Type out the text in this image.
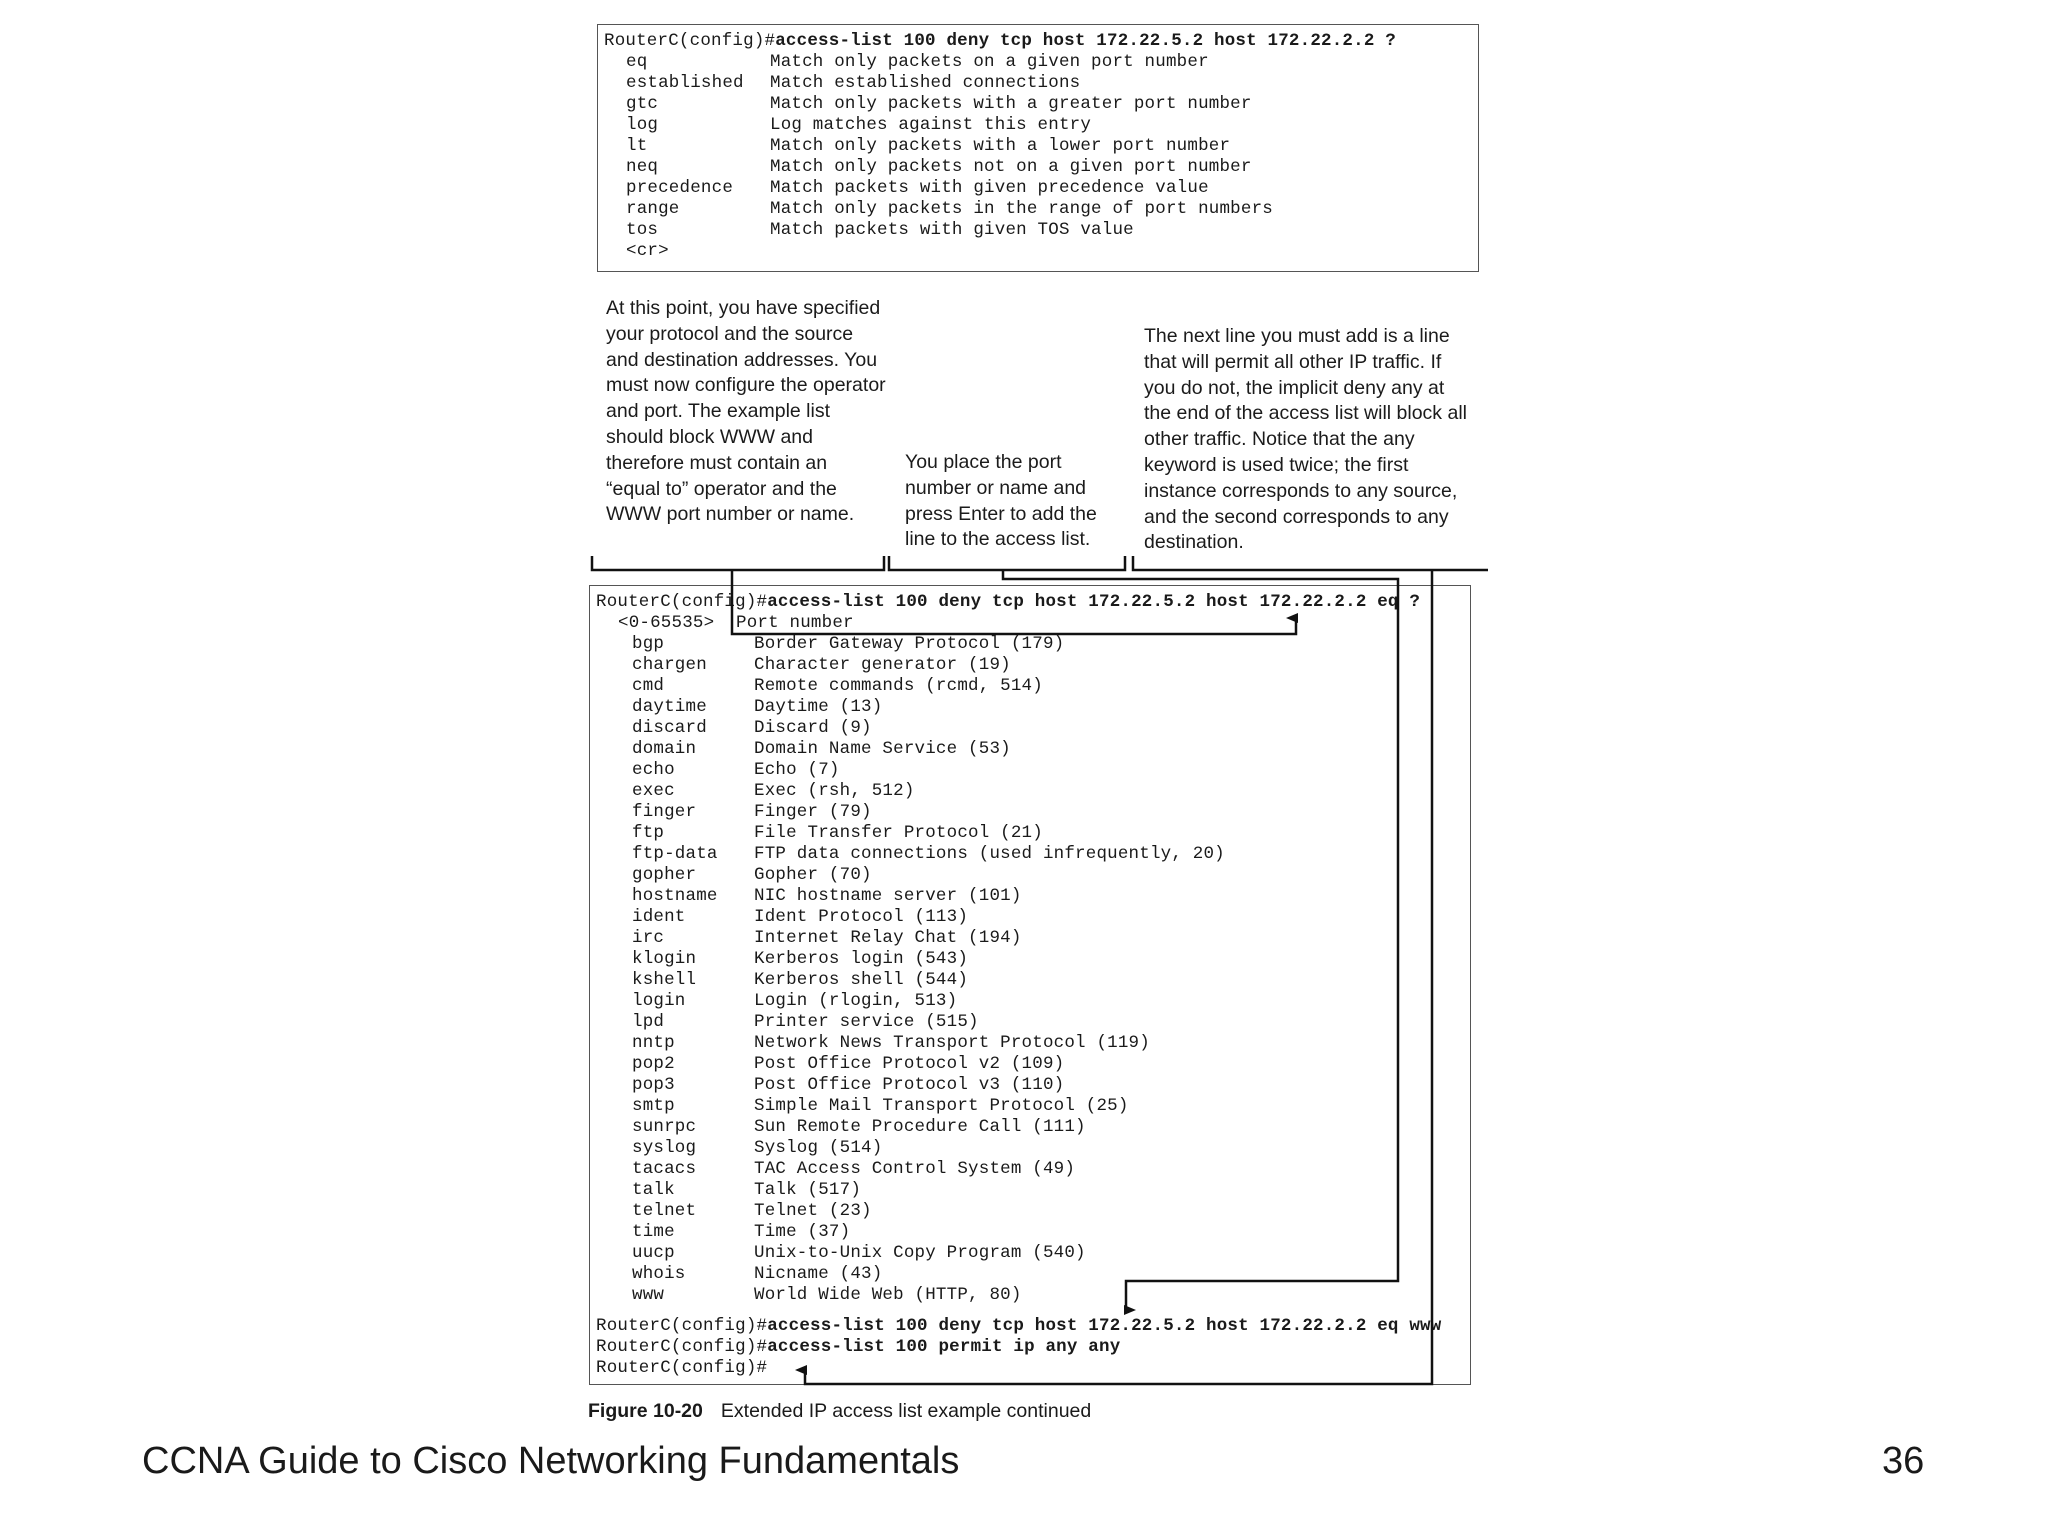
RouterC(config)#access-list 100 deny tcp host 172.22.5.2 host 172.22.2.2 ?
eq	Match only packets on a given port number
established Match established connections
gtc	Match only packets with a greater port number
log	Log matches against this entry
lt	Match only packets with a lower port number
neq	Match only packets not on a given port number
precedence Match packets with given precedence value
range	Match only packets in the range of port numbers
tos	Match packets with given TOS value
<cr>
At this point, you have specified your protocol and the source and destination addresses. You must now configure the operator and port. The example list should block WWW and therefore must contain an “equal to” operator and the WWW port number or name.
You place the port number or name and press Enter to add the line to the access list.
The next line you must add is a line that will permit all other IP traffic. If you do not, the implicit deny any at the end of the access list will block all other traffic. Notice that the any keyword is used twice; the first instance corresponds to any source, and the second corresponds to any destination.
RouterC(config)#access-list 100 deny tcp host 172.22.5.2 host 172.22.2.2 eq ?
<0-65535> Port number
bgp	Border Gateway Protocol (179)
chargen	Character generator (19)
cmd	Remote commands (rcmd, 514)
daytime	Daytime (13)
discard	Discard (9)
domain	Domain Name Service (53)
echo	Echo (7)
exec	Exec (rsh, 512)
finger	Finger (79)
ftp	File Transfer Protocol (21)
ftp-data FTP data connections (used infrequently, 20)
gopher	Gopher (70)
hostname NIC hostname server (101)
ident	Ident Protocol (113)
irc	Internet Relay Chat (194)
klogin	Kerberos login (543)
kshell	Kerberos shell (544)
login	Login (rlogin, 513)
lpd	Printer service (515)
nntp	Network News Transport Protocol (119)
pop2	Post Office Protocol v2 (109)
pop3	Post Office Protocol v3 (110)
smtp	Simple Mail Transport Protocol (25)
sunrpc	Sun Remote Procedure Call (111)
syslog	Syslog (514)
tacacs	TAC Access Control System (49)
talk	Talk (517)
telnet	Telnet (23)
time	Time (37)
uucp	Unix-to-Unix Copy Program (540)
whois	Nicname (43)
www	World Wide Web (HTTP, 80)
RouterC(config)#access-list 100 deny tcp host 172.22.5.2 host 172.22.2.2 eq www
RouterC(config)#access-list 100 permit ip any any
RouterC(config)#
Figure 10-20 Extended IP access list example continued
CCNA Guide to Cisco Networking Fundamentals	36
